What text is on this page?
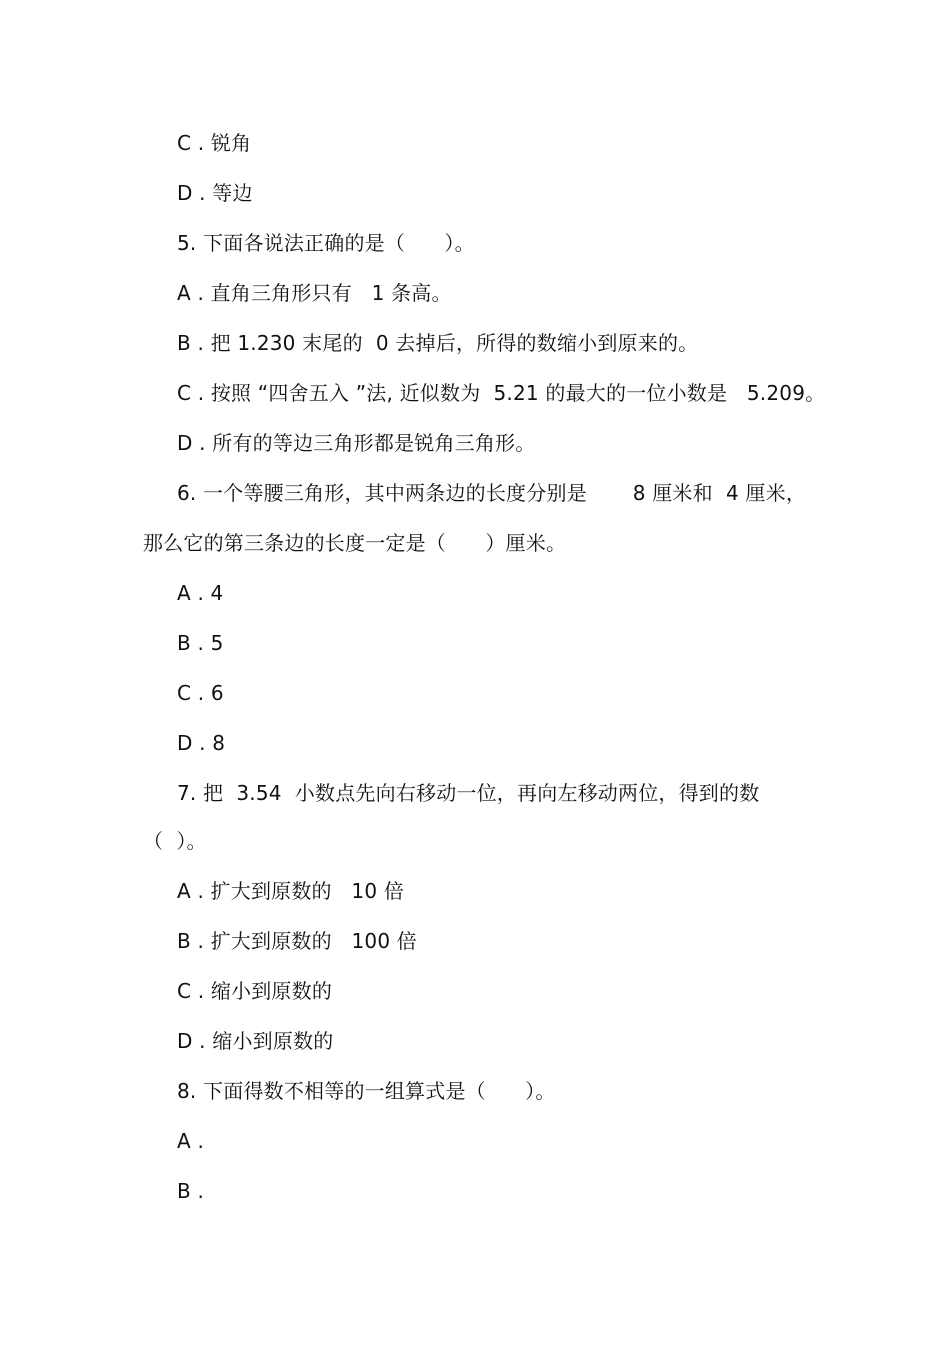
C . 锐角
D . 等边
5. 下面各说法正确的是（      ）。
A . 直角三角形只有   1 条高。
B . 把 1.230 末尾的  0 去掉后，所得的数缩小到原来的。
C . 按照 “四舍五入 ”法, 近似数为  5.21 的最大的一位小数是   5.209。
D . 所有的等边三角形都是锐角三角形。
6. 一个等腰三角形，其中两条边的长度分别是       8 厘米和  4 厘米，
那么它的第三条边的长度一定是（      ）厘米。
A . 4
B . 5
C . 6
D . 8
7. 把  3.54  小数点先向右移动一位，再向左移动两位，得到的数
（  ）。
A . 扩大到原数的   10 倍
B . 扩大到原数的   100 倍
C . 缩小到原数的
D . 缩小到原数的
8. 下面得数不相等的一组算式是（      ）。
A .
B .
